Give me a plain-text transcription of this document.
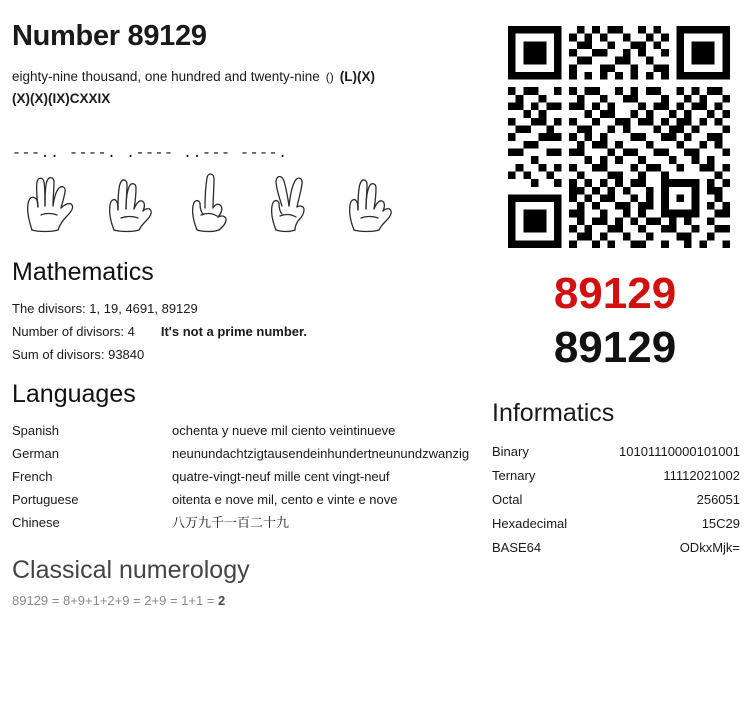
Number 89129
eighty-nine thousand, one hundred and twenty-nine () (L)(X)
(X)(X)(IX)CXXIX
---.. ----. .---- ..--- ----.
Mathematics
The divisors: 1, 19, 4691, 89129
Number of divisors: 4 It's not a prime number.
Sum of divisors: 93840
Languages
Spanish	ochenta y nueve mil ciento veintinueve
German	neunundachtzigtausendeinhundertneunundzwanzig
French	quatre-vingt-neuf mille cent vingt-neuf
Portuguese	oitenta e nove mil, cento e vinte e nove
Chinese	八万九千一百二十九
Classical numerology
89129 = 8+9+1+2+9 = 2+9 = 1+1 = 2
89129
89129
Informatics
Binary	10101110000101001
Ternary	11112021002
Octal	256051
Hexadecimal	15C29
BASE64	ODkxMjk=
